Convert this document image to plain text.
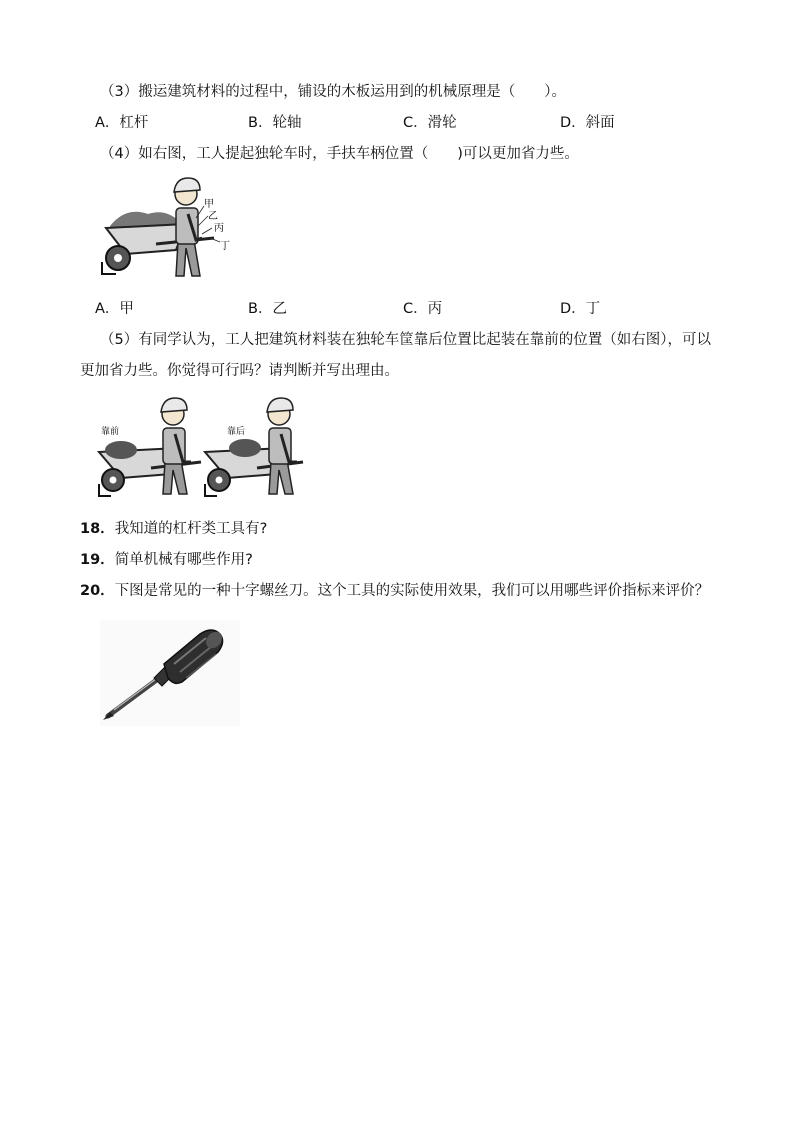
（3）搬运建筑材料的过程中，铺设的木板运用到的机械原理是（　　）。
A．杠杆	B．轮轴	C．滑轮	D．斜面
（4）如右图，工人提起独轮车时，手扶车柄位置（　　)可以更加省力些。
甲
乙
丙
丁
A．甲	B．乙	C．丙	D．丁
（5）有同学认为，工人把建筑材料装在独轮车筐靠后位置比起装在靠前的位置（如右图），可以
更加省力些。你觉得可行吗？请判断并写出理由。
靠前	靠后
18．我知道的杠杆类工具有?
19．简单机械有哪些作用?
20．下图是常见的一种十字螺丝刀。这个工具的实际使用效果，我们可以用哪些评价指标来评价？
